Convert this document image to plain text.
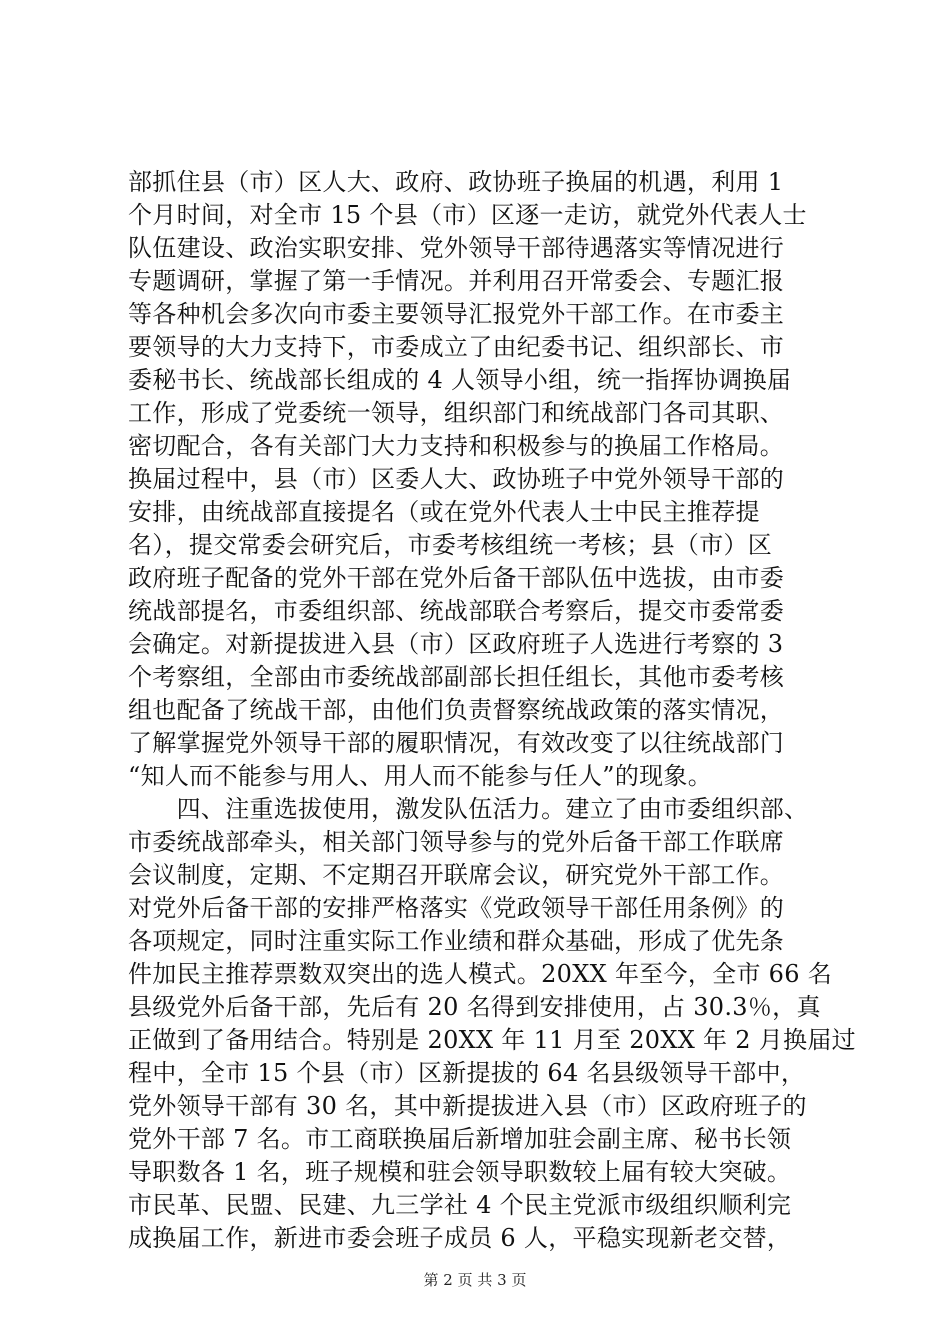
部抓住县（市）区人大、政府、政协班子换届的机遇，利用 1
个月时间，对全市 15 个县（市）区逐一走访，就党外代表人士
队伍建设、政治实职安排、党外领导干部待遇落实等情况进行
专题调研，掌握了第一手情况。并利用召开常委会、专题汇报
等各种机会多次向市委主要领导汇报党外干部工作。在市委主
要领导的大力支持下，市委成立了由纪委书记、组织部长、市
委秘书长、统战部长组成的 4 人领导小组，统一指挥协调换届
工作，形成了党委统一领导，组织部门和统战部门各司其职、
密切配合，各有关部门大力支持和积极参与的换届工作格局。
换届过程中，县（市）区委人大、政协班子中党外领导干部的
安排，由统战部直接提名（或在党外代表人士中民主推荐提
名），提交常委会研究后，市委考核组统一考核；县（市）区
政府班子配备的党外干部在党外后备干部队伍中选拔，由市委
统战部提名，市委组织部、统战部联合考察后，提交市委常委
会确定。对新提拔进入县（市）区政府班子人选进行考察的 3
个考察组，全部由市委统战部副部长担任组长，其他市委考核
组也配备了统战干部，由他们负责督察统战政策的落实情况，
了解掌握党外领导干部的履职情况，有效改变了以往统战部门
“知人而不能参与用人、用人而不能参与任人”的现象。
　　四、注重选拔使用，激发队伍活力。建立了由市委组织部、
市委统战部牵头，相关部门领导参与的党外后备干部工作联席
会议制度，定期、不定期召开联席会议，研究党外干部工作。
对党外后备干部的安排严格落实《党政领导干部任用条例》的
各项规定，同时注重实际工作业绩和群众基础，形成了优先条
件加民主推荐票数双突出的选人模式。20XX 年至今，全市 66 名
县级党外后备干部，先后有 20 名得到安排使用，占 30.3％，真
正做到了备用结合。特别是 20XX 年 11 月至 20XX 年 2 月换届过
程中，全市 15 个县（市）区新提拔的 64 名县级领导干部中，
党外领导干部有 30 名，其中新提拔进入县（市）区政府班子的
党外干部 7 名。市工商联换届后新增加驻会副主席、秘书长领
导职数各 1 名，班子规模和驻会领导职数较上届有较大突破。
市民革、民盟、民建、九三学社 4 个民主党派市级组织顺利完
成换届工作，新进市委会班子成员 6 人，平稳实现新老交替，
第 2 页 共 3 页
